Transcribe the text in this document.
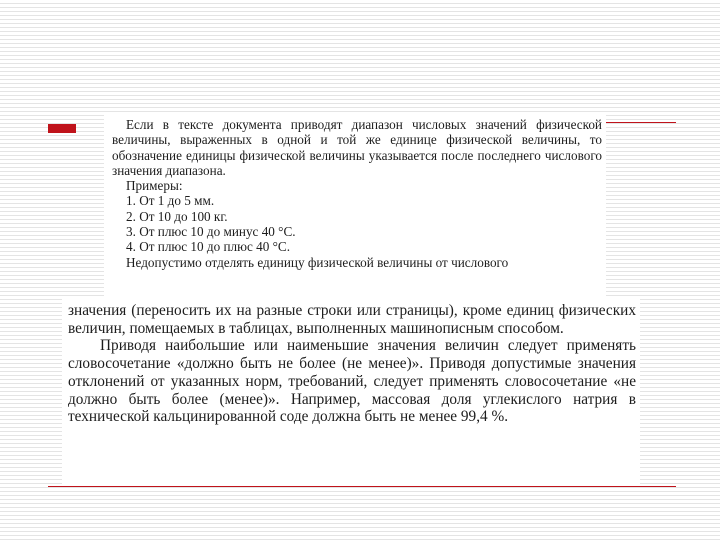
Если в тексте документа приводят диапазон числовых значений физической величины, выраженных в одной и той же единице физической величины, то обозначение единицы физической величины указывается после последнего числового значения диапазона.

Примеры:
1. От 1 до 5 мм.
2. От 10 до 100 кг.
3. От плюс 10 до минус 40 °С.
4. От плюс 10 до плюс 40 °С.

Недопустимо отделять единицу физической величины от числового

значения (переносить их на разные строки или страницы), кроме единиц физических величин, помещаемых в таблицах, выполненных машинописным способом.

Приводя наибольшие или наименьшие значения величин следует применять словосочетание «должно быть не более (не менее)». Приводя допустимые значения отклонений от указанных норм, требований, следует применять словосочетание «не должно быть более (менее)». Например, массовая доля углекислого натрия в технической кальцинированной соде должна быть не менее 99,4 %.
